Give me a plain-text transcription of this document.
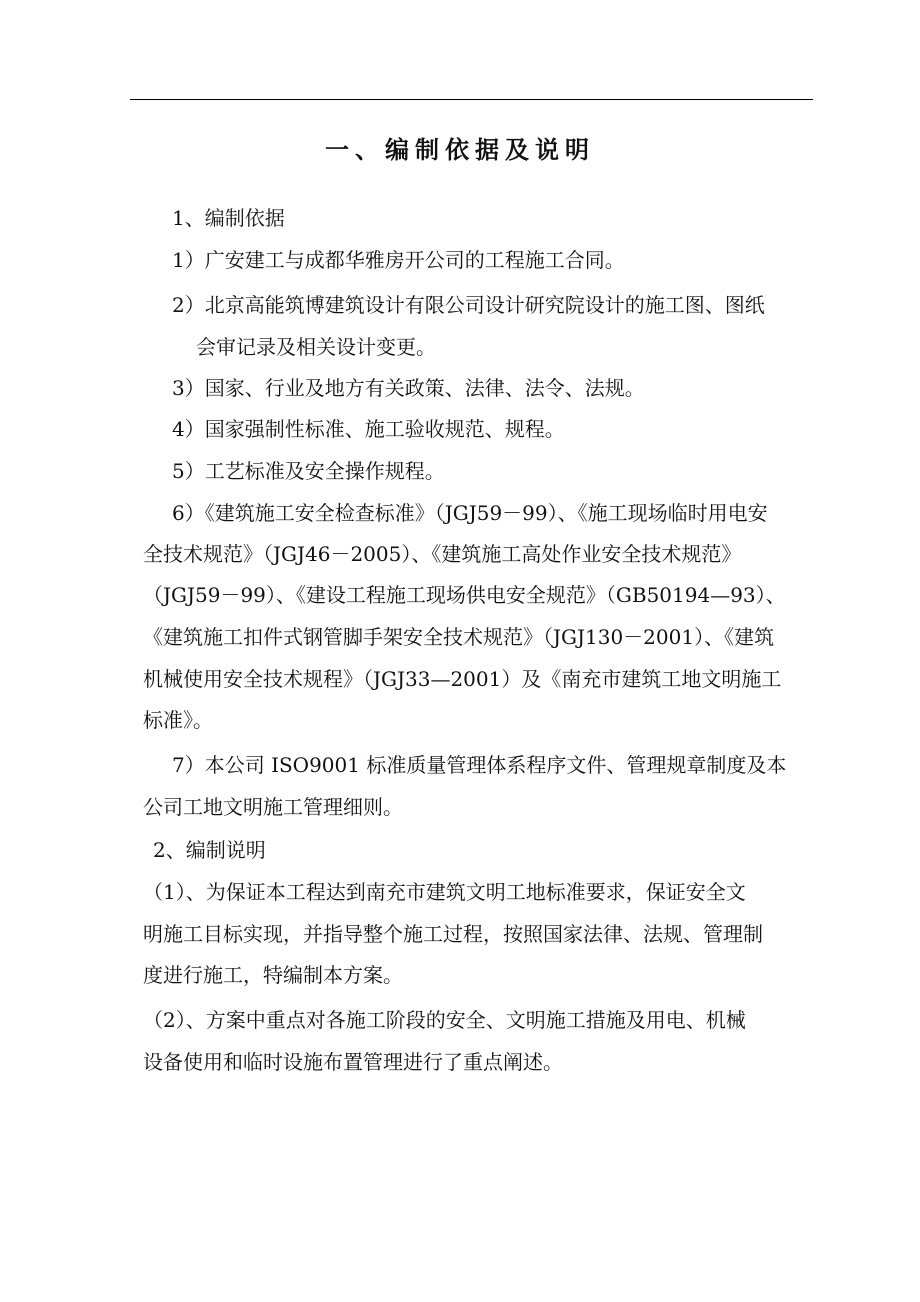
一、编制依据及说明
1、编制依据
1）广安建工与成都华雅房开公司的工程施工合同。
2）北京高能筑博建筑设计有限公司设计研究院设计的施工图、图纸
会审记录及相关设计变更。
3）国家、行业及地方有关政策、法律、法令、法规。
4）国家强制性标准、施工验收规范、规程。
5）工艺标准及安全操作规程。
6）《建筑施工安全检查标准》（JGJ59－99）、《施工现场临时用电安
全技术规范》（JGJ46－2005）、《建筑施工高处作业安全技术规范》
（JGJ59－99）、《建设工程施工现场供电安全规范》（GB50194—93）、
《建筑施工扣件式钢管脚手架安全技术规范》（JGJ130－2001）、《建筑
机械使用安全技术规程》（JGJ33—2001）及《南充市建筑工地文明施工
标准》。
7）本公司 ISO9001 标准质量管理体系程序文件、管理规章制度及本
公司工地文明施工管理细则。
2、编制说明
（1）、为保证本工程达到南充市建筑文明工地标准要求，保证安全文
明施工目标实现，并指导整个施工过程，按照国家法律、法规、管理制
度进行施工，特编制本方案。
（2）、方案中重点对各施工阶段的安全、文明施工措施及用电、机械
设备使用和临时设施布置管理进行了重点阐述。
